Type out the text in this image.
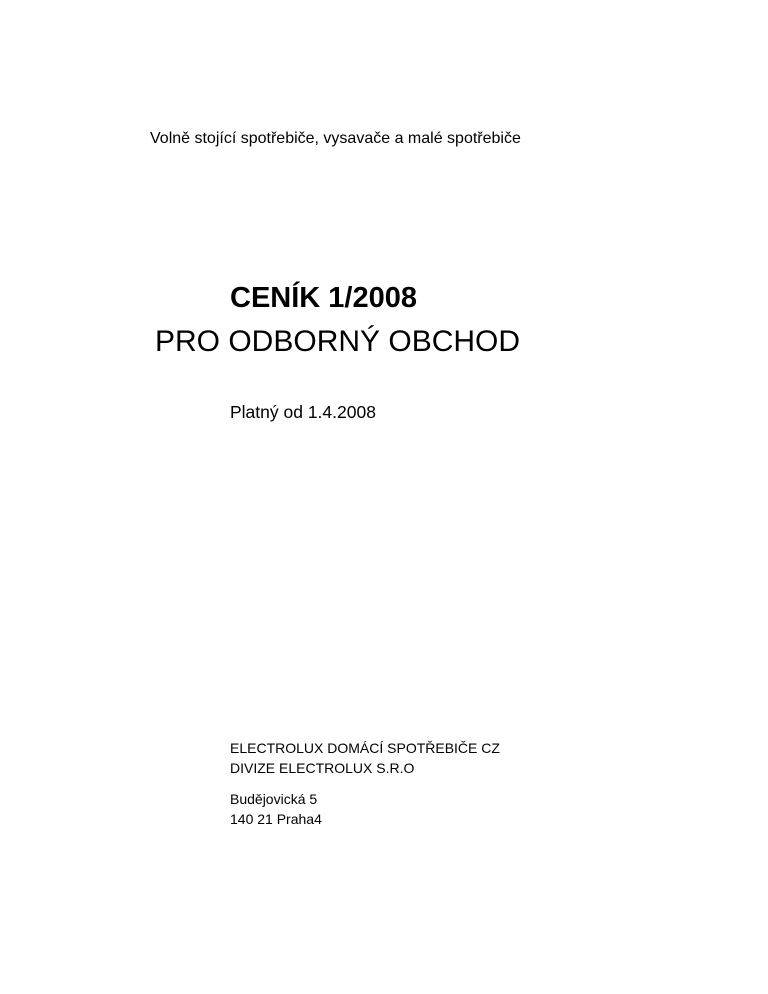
Volně stojící spotřebiče, vysavače a malé spotřebiče
CENÍK 1/2008
PRO ODBORNÝ OBCHOD
Platný od 1.4.2008
ELECTROLUX DOMÁCÍ SPOTŘEBIČE CZ
DIVIZE ELECTROLUX S.R.O
Budějovická 5
140 21 Praha4
